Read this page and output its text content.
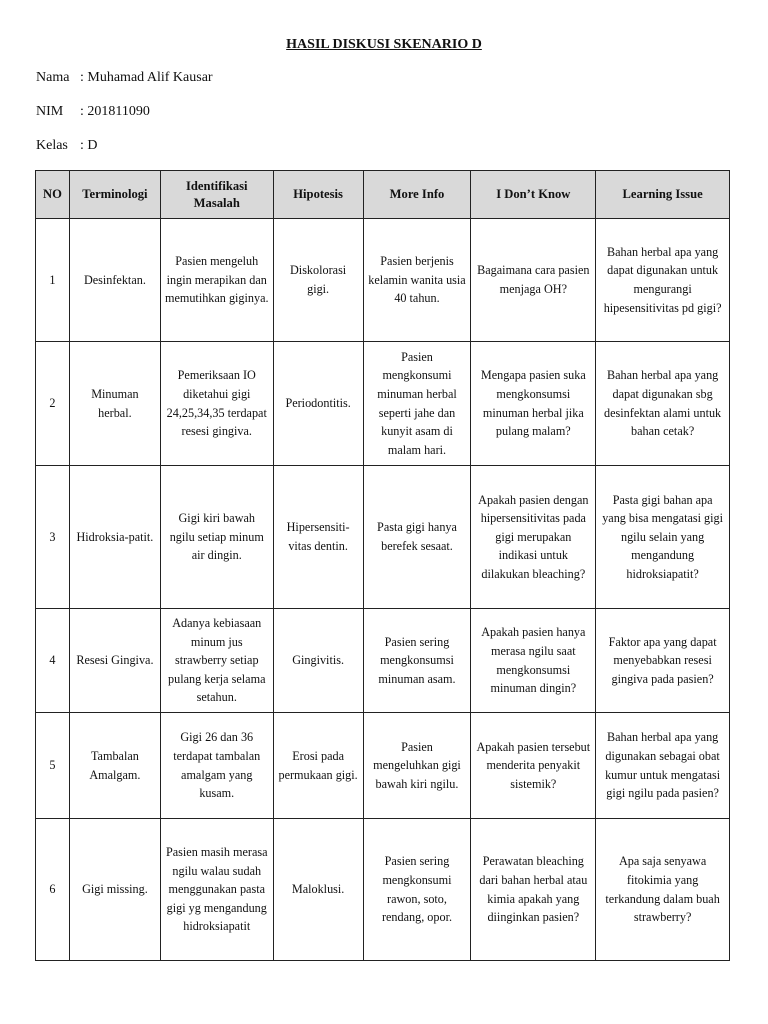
HASIL DISKUSI SKENARIO D
Nama : Muhamad Alif Kausar
NIM : 201811090
Kelas : D
NO	Terminologi	Identifikasi Masalah	Hipotesis	More Info	I Don’t Know	Learning Issue
1	Desinfektan.	Pasien mengeluh ingin merapikan dan memutihkan giginya.	Diskolorasi gigi.	Pasien berjenis kelamin wanita usia 40 tahun.	Bagaimana cara pasien menjaga OH?	Bahan herbal apa yang dapat digunakan untuk mengurangi hipesensitivitas pd gigi?
2	Minuman herbal.	Pemeriksaan IO diketahui gigi 24,25,34,35 terdapat resesi gingiva.	Periodontitis.	Pasien mengkonsumi minuman herbal seperti jahe dan kunyit asam di malam hari.	Mengapa pasien suka mengkonsumsi minuman herbal jika pulang malam?	Bahan herbal apa yang dapat digunakan sbg desinfektan alami untuk bahan cetak?
3	Hidroksia-patit.	Gigi kiri bawah ngilu setiap minum air dingin.	Hipersensiti-vitas dentin.	Pasta gigi hanya berefek sesaat.	Apakah pasien dengan hipersensitivitas pada gigi merupakan indikasi untuk dilakukan bleaching?	Pasta gigi bahan apa yang bisa mengatasi gigi ngilu selain yang mengandung hidroksiapatit?
4	Resesi Gingiva.	Adanya kebiasaan minum jus strawberry setiap pulang kerja selama setahun.	Gingivitis.	Pasien sering mengkonsumsi minuman asam.	Apakah pasien hanya merasa ngilu saat mengkonsumsi minuman dingin?	Faktor apa yang dapat menyebabkan resesi gingiva pada pasien?
5	Tambalan Amalgam.	Gigi 26 dan 36 terdapat tambalan amalgam yang kusam.	Erosi pada permukaan gigi.	Pasien mengeluhkan gigi bawah kiri ngilu.	Apakah pasien tersebut menderita penyakit sistemik?	Bahan herbal apa yang digunakan sebagai obat kumur untuk mengatasi gigi ngilu pada pasien?
6	Gigi missing.	Pasien masih merasa ngilu walau sudah menggunakan pasta gigi yg mengandung hidroksiapatit	Maloklusi.	Pasien sering mengkonsumi rawon, soto, rendang, opor.	Perawatan bleaching dari bahan herbal atau kimia apakah yang diinginkan pasien?	Apa saja senyawa fitokimia yang terkandung dalam buah strawberry?
